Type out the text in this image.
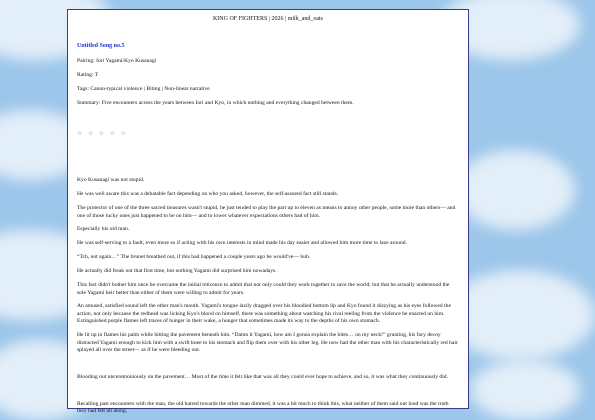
KING OF FIGHTERS | 2026 | milk_and_oats
Untitled Song no.5

Pairing: Iori Yagami/Kyo Kusanagi

Rating: T

Tags: Canon-typical violence | Biting | Non-linear narrative

Summary: Five encounters across the years between Iori and Kyo, in which nothing and everything changed between them.

☆ ☆ ☆ ☆ ☆

Kyo Kusanagi was not stupid.

He was well aware this was a debatable fact depending on who you asked, however, the self-assured fact still stands.

The protector of one of the three sacred treasures wasn't stupid, he just tended to play the part up to eleven as means to annoy other people, some more than others— and one of those lucky ones just happened to be on him— and to lower whatever expectations others had of him.

Especially his old man.

He was self-serving to a fault, even more so if acting with his own interests in mind made his day easier and allowed him more time to laze around.

“Tch, not again…” The brunet breathed out, if this had happened a couple years ago he would've— huh.

He actually did freak out that first time, but nothing Yagami did surprised him nowadays.

This fact didn't bother him once he overcame the initial reticence to admit that not only could they work together to save the world; but that he actually understood the sole Yagami heir better than either of them were willing to admit for years.

An amused, satisfied sound left the other man's mouth. Yagami's tongue lazily dragged over his bloodied bottom lip and Kyo found it dizzying as his eyes followed the action, not only because the redhead was licking Kyo's blood on himself, there was something about watching his rival reeling from the violence he enacted on him. Extinguished purple flames left traces of hunger in their wake, a hunger that sometimes made its way to the depths of his own stomach.

He lit up in flames his palm while hitting the pavement beneath him. “Damn it Yagami, how am I gonna explain the bites… on my neck!” grunting, his fury decoy distracted Yagami enough to kick him with a swift knee to his stomach and flip them over with his other leg. He now had the other man with his characteristically red hair splayed all over the street— as if he were bleeding out.

Blooding out unceremoniously on the pavement… Most of the time it felt like that was all they could ever hope to achieve, and so, it was what they continuously did.

Recalling past encounters with the man, the old hatred towards the other man dimmed, it was a bit much to think this, what neither of them said out loud was the truth they had felt all along.
